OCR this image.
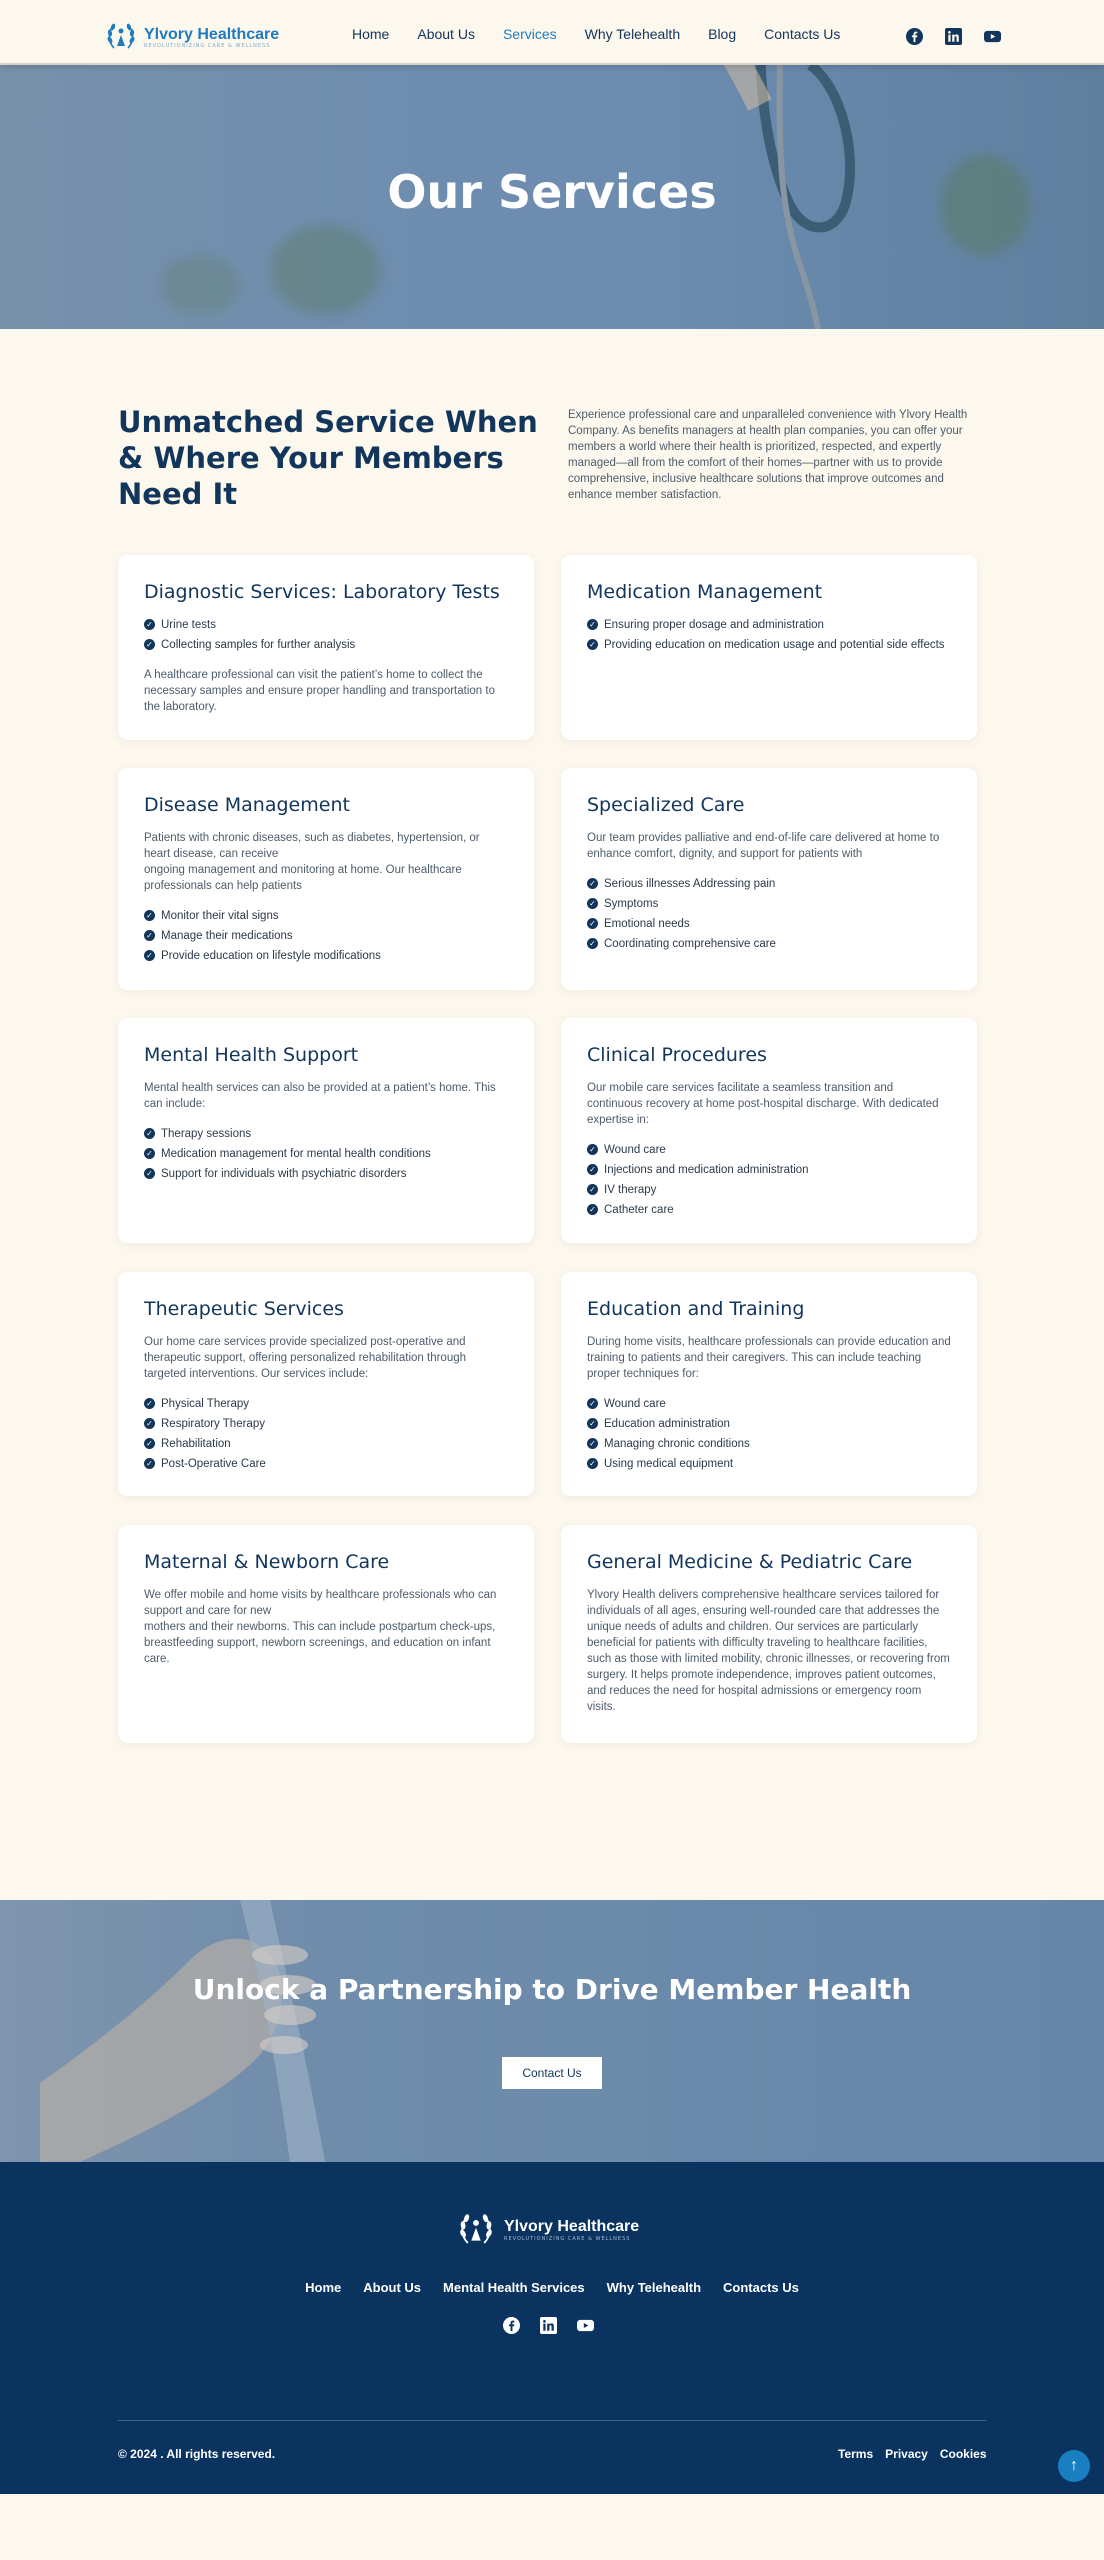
Ylvory Healthcare
REVOLUTIONIZING CARE & WELLNESS
Home About Us Services Why Telehealth Blog Contacts Us
Our Services
Unmatched Service When & Where Your Members Need It

Experience professional care and unparalleled convenience with Ylvory Health Company. As benefits managers at health plan companies, you can offer your members a world where their health is prioritized, respected, and expertly managed—all from the comfort of their homes—partner with us to provide comprehensive, inclusive healthcare solutions that improve outcomes and enhance member satisfaction.

Diagnostic Services: Laboratory Tests
✓ Urine tests
✓ Collecting samples for further analysis

A healthcare professional can visit the patient’s home to collect the necessary samples and ensure proper handling and transportation to the laboratory.

Medication Management
✓ Ensuring proper dosage and administration
✓ Providing education on medication usage and potential side effects
Disease Management

Patients with chronic diseases, such as diabetes, hypertension, or heart disease, can receive
ongoing management and monitoring at home. Our healthcare professionals can help patients

✓ Monitor their vital signs
✓ Manage their medications
✓ Provide education on lifestyle modifications
Specialized Care

Our team provides palliative and end-of-life care delivered at home to enhance comfort, dignity, and support for patients with

✓ Serious illnesses Addressing pain
✓ Symptoms
✓ Emotional needs
✓ Coordinating comprehensive care
Mental Health Support

Mental health services can also be provided at a patient’s home. This can include:

✓ Therapy sessions
✓ Medication management for mental health conditions
✓ Support for individuals with psychiatric disorders
Clinical Procedures

Our mobile care services facilitate a seamless transition and continuous recovery at home post-hospital discharge. With dedicated expertise in:

✓ Wound care
✓ Injections and medication administration
✓ IV therapy
✓ Catheter care
Therapeutic Services

Our home care services provide specialized post-operative and therapeutic support, offering personalized rehabilitation through targeted interventions. Our services include:

✓ Physical Therapy
✓ Respiratory Therapy
✓ Rehabilitation
✓ Post-Operative Care
Education and Training

During home visits, healthcare professionals can provide education and training to patients and their caregivers. This can include teaching proper techniques for:

✓ Wound care
✓ Education administration
✓ Managing chronic conditions
✓ Using medical equipment
Maternal & Newborn Care

We offer mobile and home visits by healthcare professionals who can support and care for new
mothers and their newborns. This can include postpartum check-ups, breastfeeding support, newborn screenings, and education on infant care.

General Medicine & Pediatric Care

Ylvory Health delivers comprehensive healthcare services tailored for individuals of all ages, ensuring well-rounded care that addresses the unique needs of adults and children. Our services are particularly beneficial for patients with difficulty traveling to healthcare facilities, such as those with limited mobility, chronic illnesses, or recovering from surgery. It helps promote independence, improves patient outcomes, and reduces the need for hospital admissions or emergency room visits.

Unlock a Partnership to Drive Member Health
Contact Us
Ylvory Healthcare
REVOLUTIONIZING CARE & WELLNESS
Home About Us Mental Health Services Why Telehealth Contacts Us
© 2024 . All rights reserved.	Terms Privacy Cookies
↑
